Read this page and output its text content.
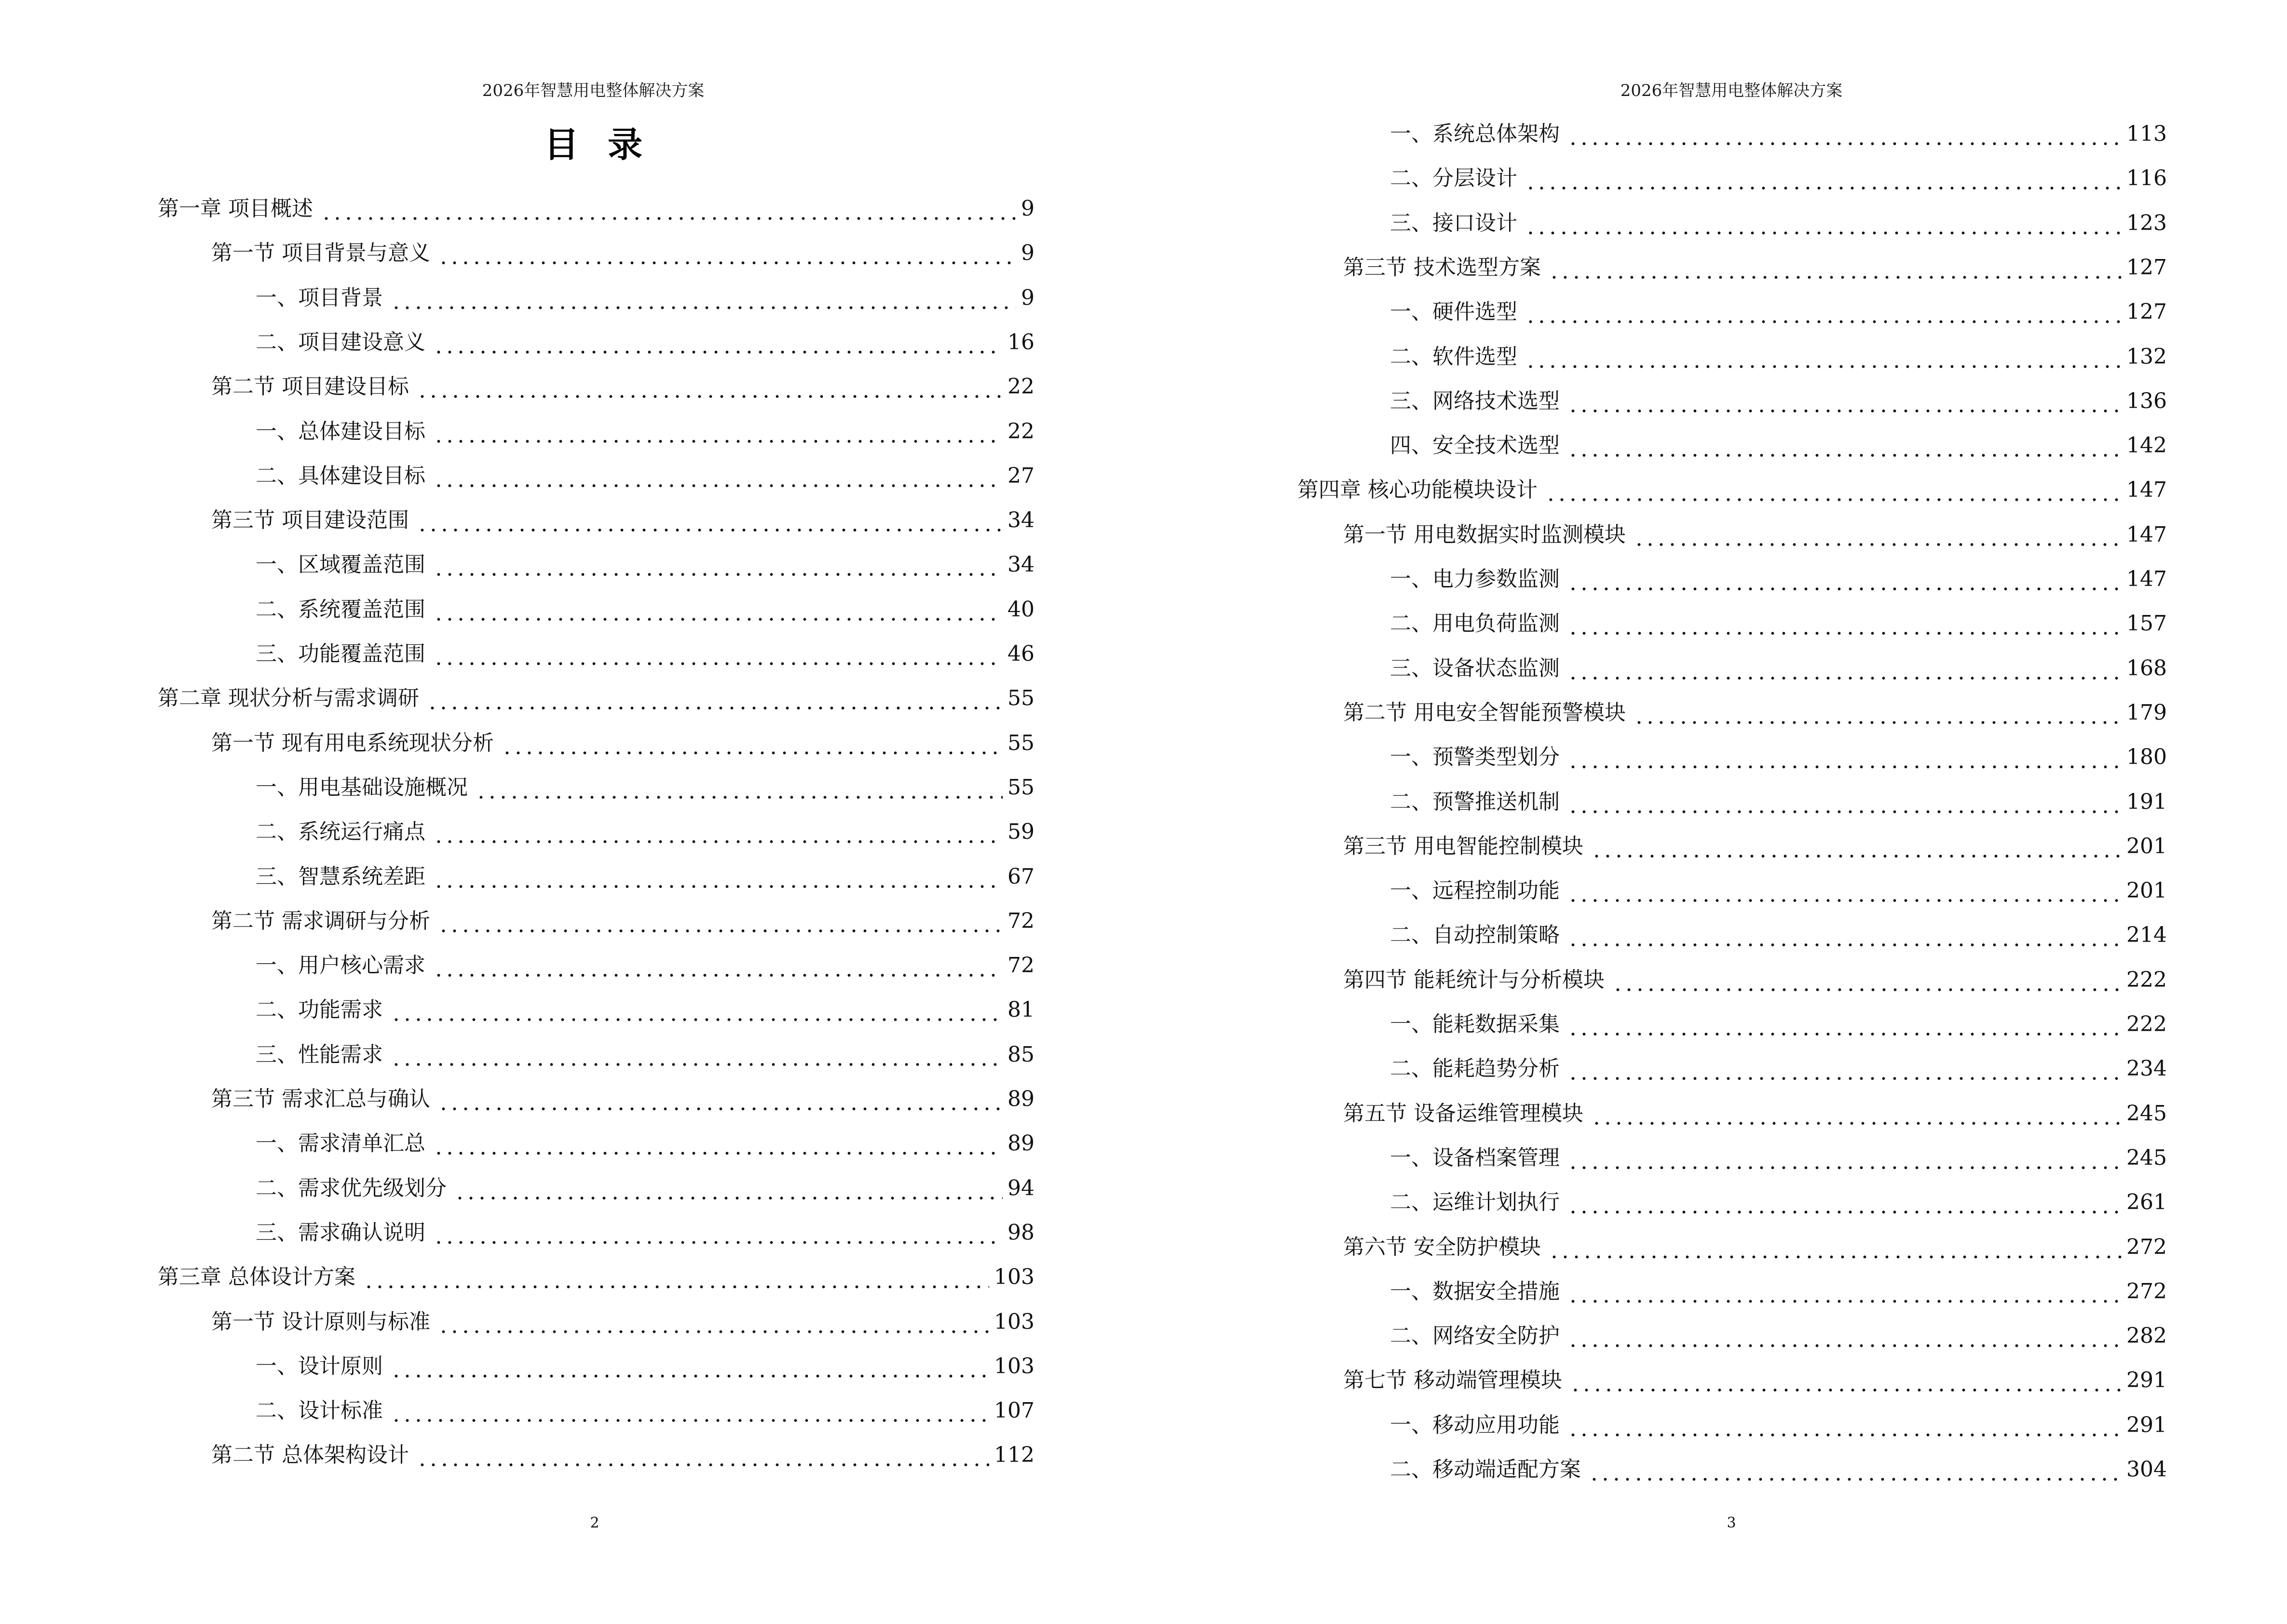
2026年智慧用电整体解决方案
目录
第一章 项目概述	9
第一节 项目背景与意义	9
一、项目背景	9
二、项目建设意义	16
第二节 项目建设目标	22
一、总体建设目标	22
二、具体建设目标	27
第三节 项目建设范围	34
一、区域覆盖范围	34
二、系统覆盖范围	40
三、功能覆盖范围	46
第二章 现状分析与需求调研	55
第一节 现有用电系统现状分析	55
一、用电基础设施概况	55
二、系统运行痛点	59
三、智慧系统差距	67
第二节 需求调研与分析	72
一、用户核心需求	72
二、功能需求	81
三、性能需求	85
第三节 需求汇总与确认	89
一、需求清单汇总	89
二、需求优先级划分	94
三、需求确认说明	98
第三章 总体设计方案	103
第一节 设计原则与标准	103
一、设计原则	103
二、设计标准	107
第二节 总体架构设计	112
2
2026年智慧用电整体解决方案
一、系统总体架构	113
二、分层设计	116
三、接口设计	123
第三节 技术选型方案	127
一、硬件选型	127
二、软件选型	132
三、网络技术选型	136
四、安全技术选型	142
第四章 核心功能模块设计	147
第一节 用电数据实时监测模块	147
一、电力参数监测	147
二、用电负荷监测	157
三、设备状态监测	168
第二节 用电安全智能预警模块	179
一、预警类型划分	180
二、预警推送机制	191
第三节 用电智能控制模块	201
一、远程控制功能	201
二、自动控制策略	214
第四节 能耗统计与分析模块	222
一、能耗数据采集	222
二、能耗趋势分析	234
第五节 设备运维管理模块	245
一、设备档案管理	245
二、运维计划执行	261
第六节 安全防护模块	272
一、数据安全措施	272
二、网络安全防护	282
第七节 移动端管理模块	291
一、移动应用功能	291
二、移动端适配方案	304
3
